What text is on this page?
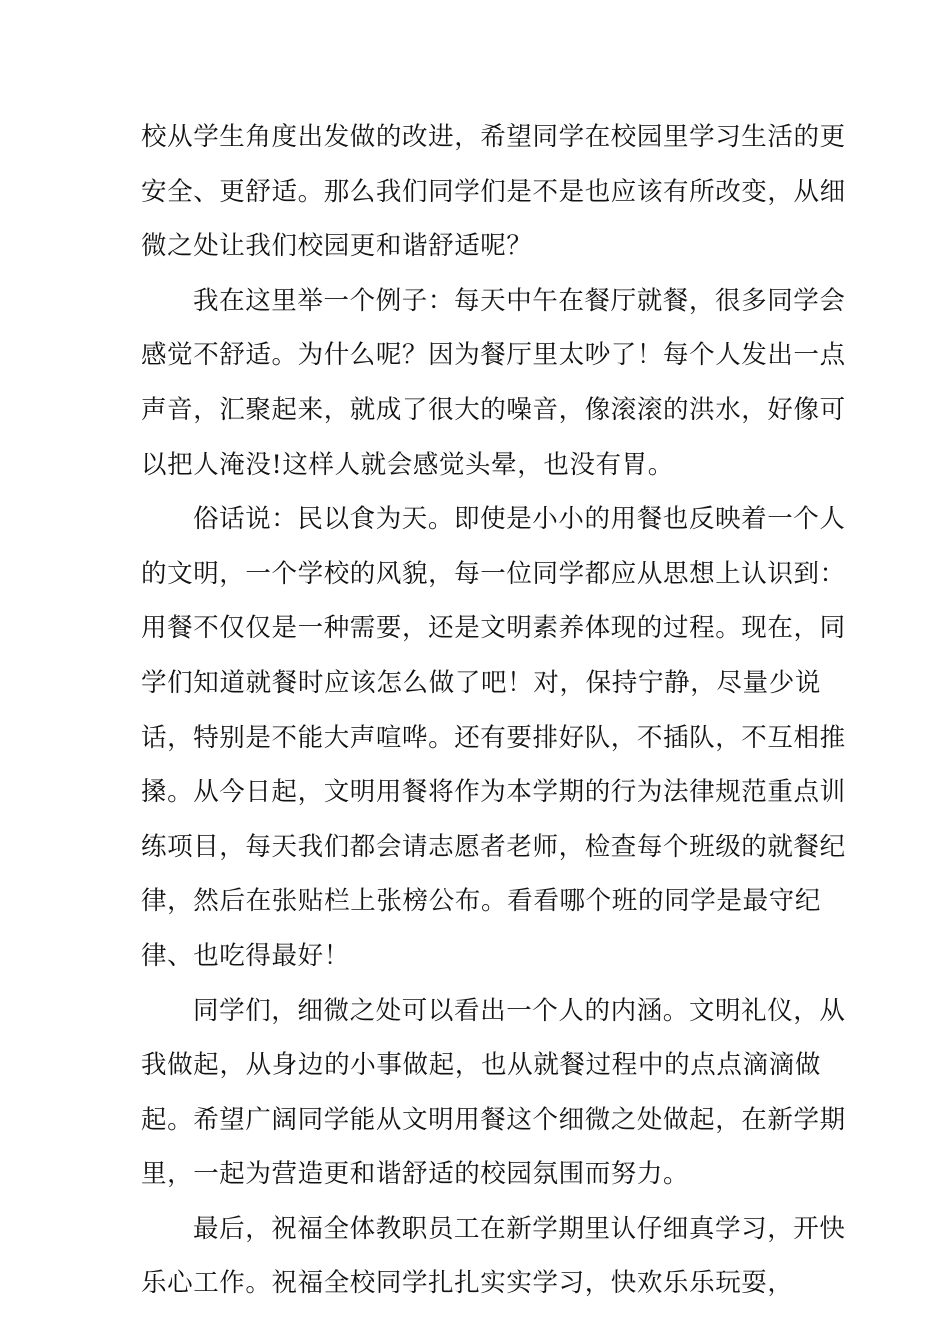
校从学生角度出发做的改进，希望同学在校园里学习生活的更
安全、更舒适。那么我们同学们是不是也应该有所改变，从细
微之处让我们校园更和谐舒适呢？
我在这里举一个例子：每天中午在餐厅就餐，很多同学会
感觉不舒适。为什么呢？因为餐厅里太吵了！每个人发出一点
声音，汇聚起来，就成了很大的噪音，像滚滚的洪水，好像可
以把人淹没!这样人就会感觉头晕，也没有胃。
俗话说：民以食为天。即使是小小的用餐也反映着一个人
的文明，一个学校的风貌，每一位同学都应从思想上认识到：
用餐不仅仅是一种需要，还是文明素养体现的过程。现在，同
学们知道就餐时应该怎么做了吧！对，保持宁静，尽量少说
话，特别是不能大声喧哗。还有要排好队，不插队，不互相推
搡。从今日起，文明用餐将作为本学期的行为法律规范重点训
练项目，每天我们都会请志愿者老师，检查每个班级的就餐纪
律，然后在张贴栏上张榜公布。看看哪个班的同学是最守纪
律、也吃得最好！
同学们，细微之处可以看出一个人的内涵。文明礼仪，从
我做起，从身边的小事做起，也从就餐过程中的点点滴滴做
起。希望广阔同学能从文明用餐这个细微之处做起，在新学期
里，一起为营造更和谐舒适的校园氛围而努力。
最后，祝福全体教职员工在新学期里认仔细真学习，开快
乐心工作。祝福全校同学扎扎实实学习，快欢乐乐玩耍，
